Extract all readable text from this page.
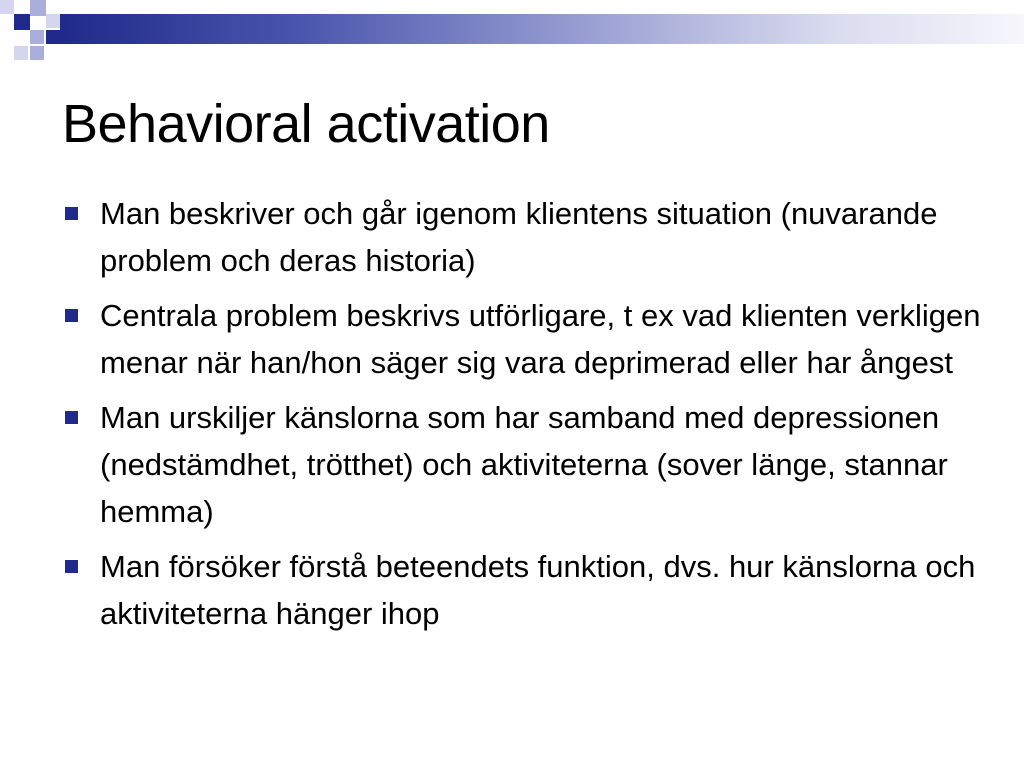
Behavioral activation
Man beskriver och går igenom klientens situation (nuvarande problem och deras historia)
Centrala problem beskrivs utförligare, t ex vad klienten verkligen menar när han/hon säger sig vara deprimerad eller har ångest
Man urskiljer känslorna som har samband med depressionen (nedstämdhet, trötthet) och aktiviteterna (sover länge, stannar hemma)
Man försöker förstå beteendets funktion, dvs. hur känslorna och aktiviteterna hänger ihop
